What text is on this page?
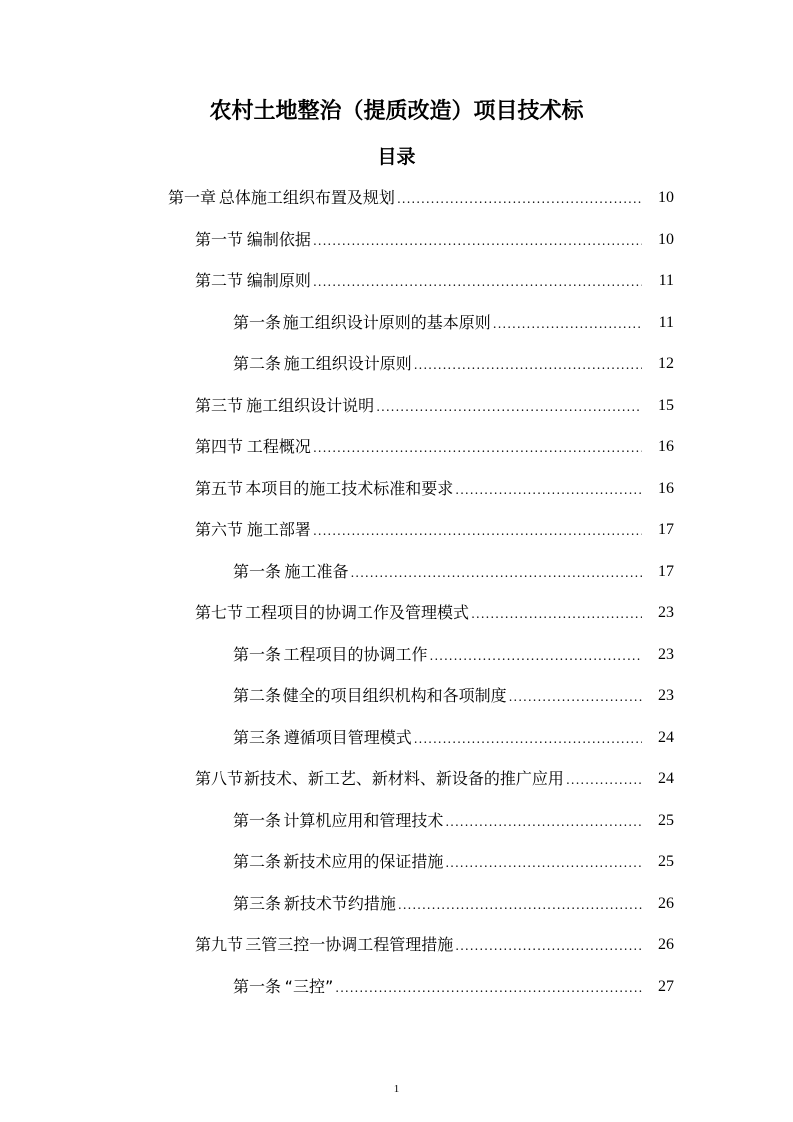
农村土地整治（提质改造）项目技术标
目录
第一章 总体施工组织布置及规划 .....	10
第一节 编制依据 .....	10
第二节 编制原则 .....	11
第一条 施工组织设计原则的基本原则 .....	11
第二条 施工组织设计原则 .....	12
第三节 施工组织设计说明 .....	15
第四节 工程概况 .....	16
第五节 本项目的施工技术标准和要求 .....	16
第六节 施工部署 .....	17
第一条 施工准备 .....	17
第七节 工程项目的协调工作及管理模式 .....	23
第一条 工程项目的协调工作 .....	23
第二条 健全的项目组织机构和各项制度 .....	23
第三条 遵循项目管理模式 .....	24
第八节 新技术、新工艺、新材料、新设备的推广应用 .....	24
第一条 计算机应用和管理技术 .....	25
第二条 新技术应用的保证措施 .....	25
第三条 新技术节约措施 .....	26
第九节 三管三控一协调工程管理措施 .....	26
第一条 “三控” .....	27
1
